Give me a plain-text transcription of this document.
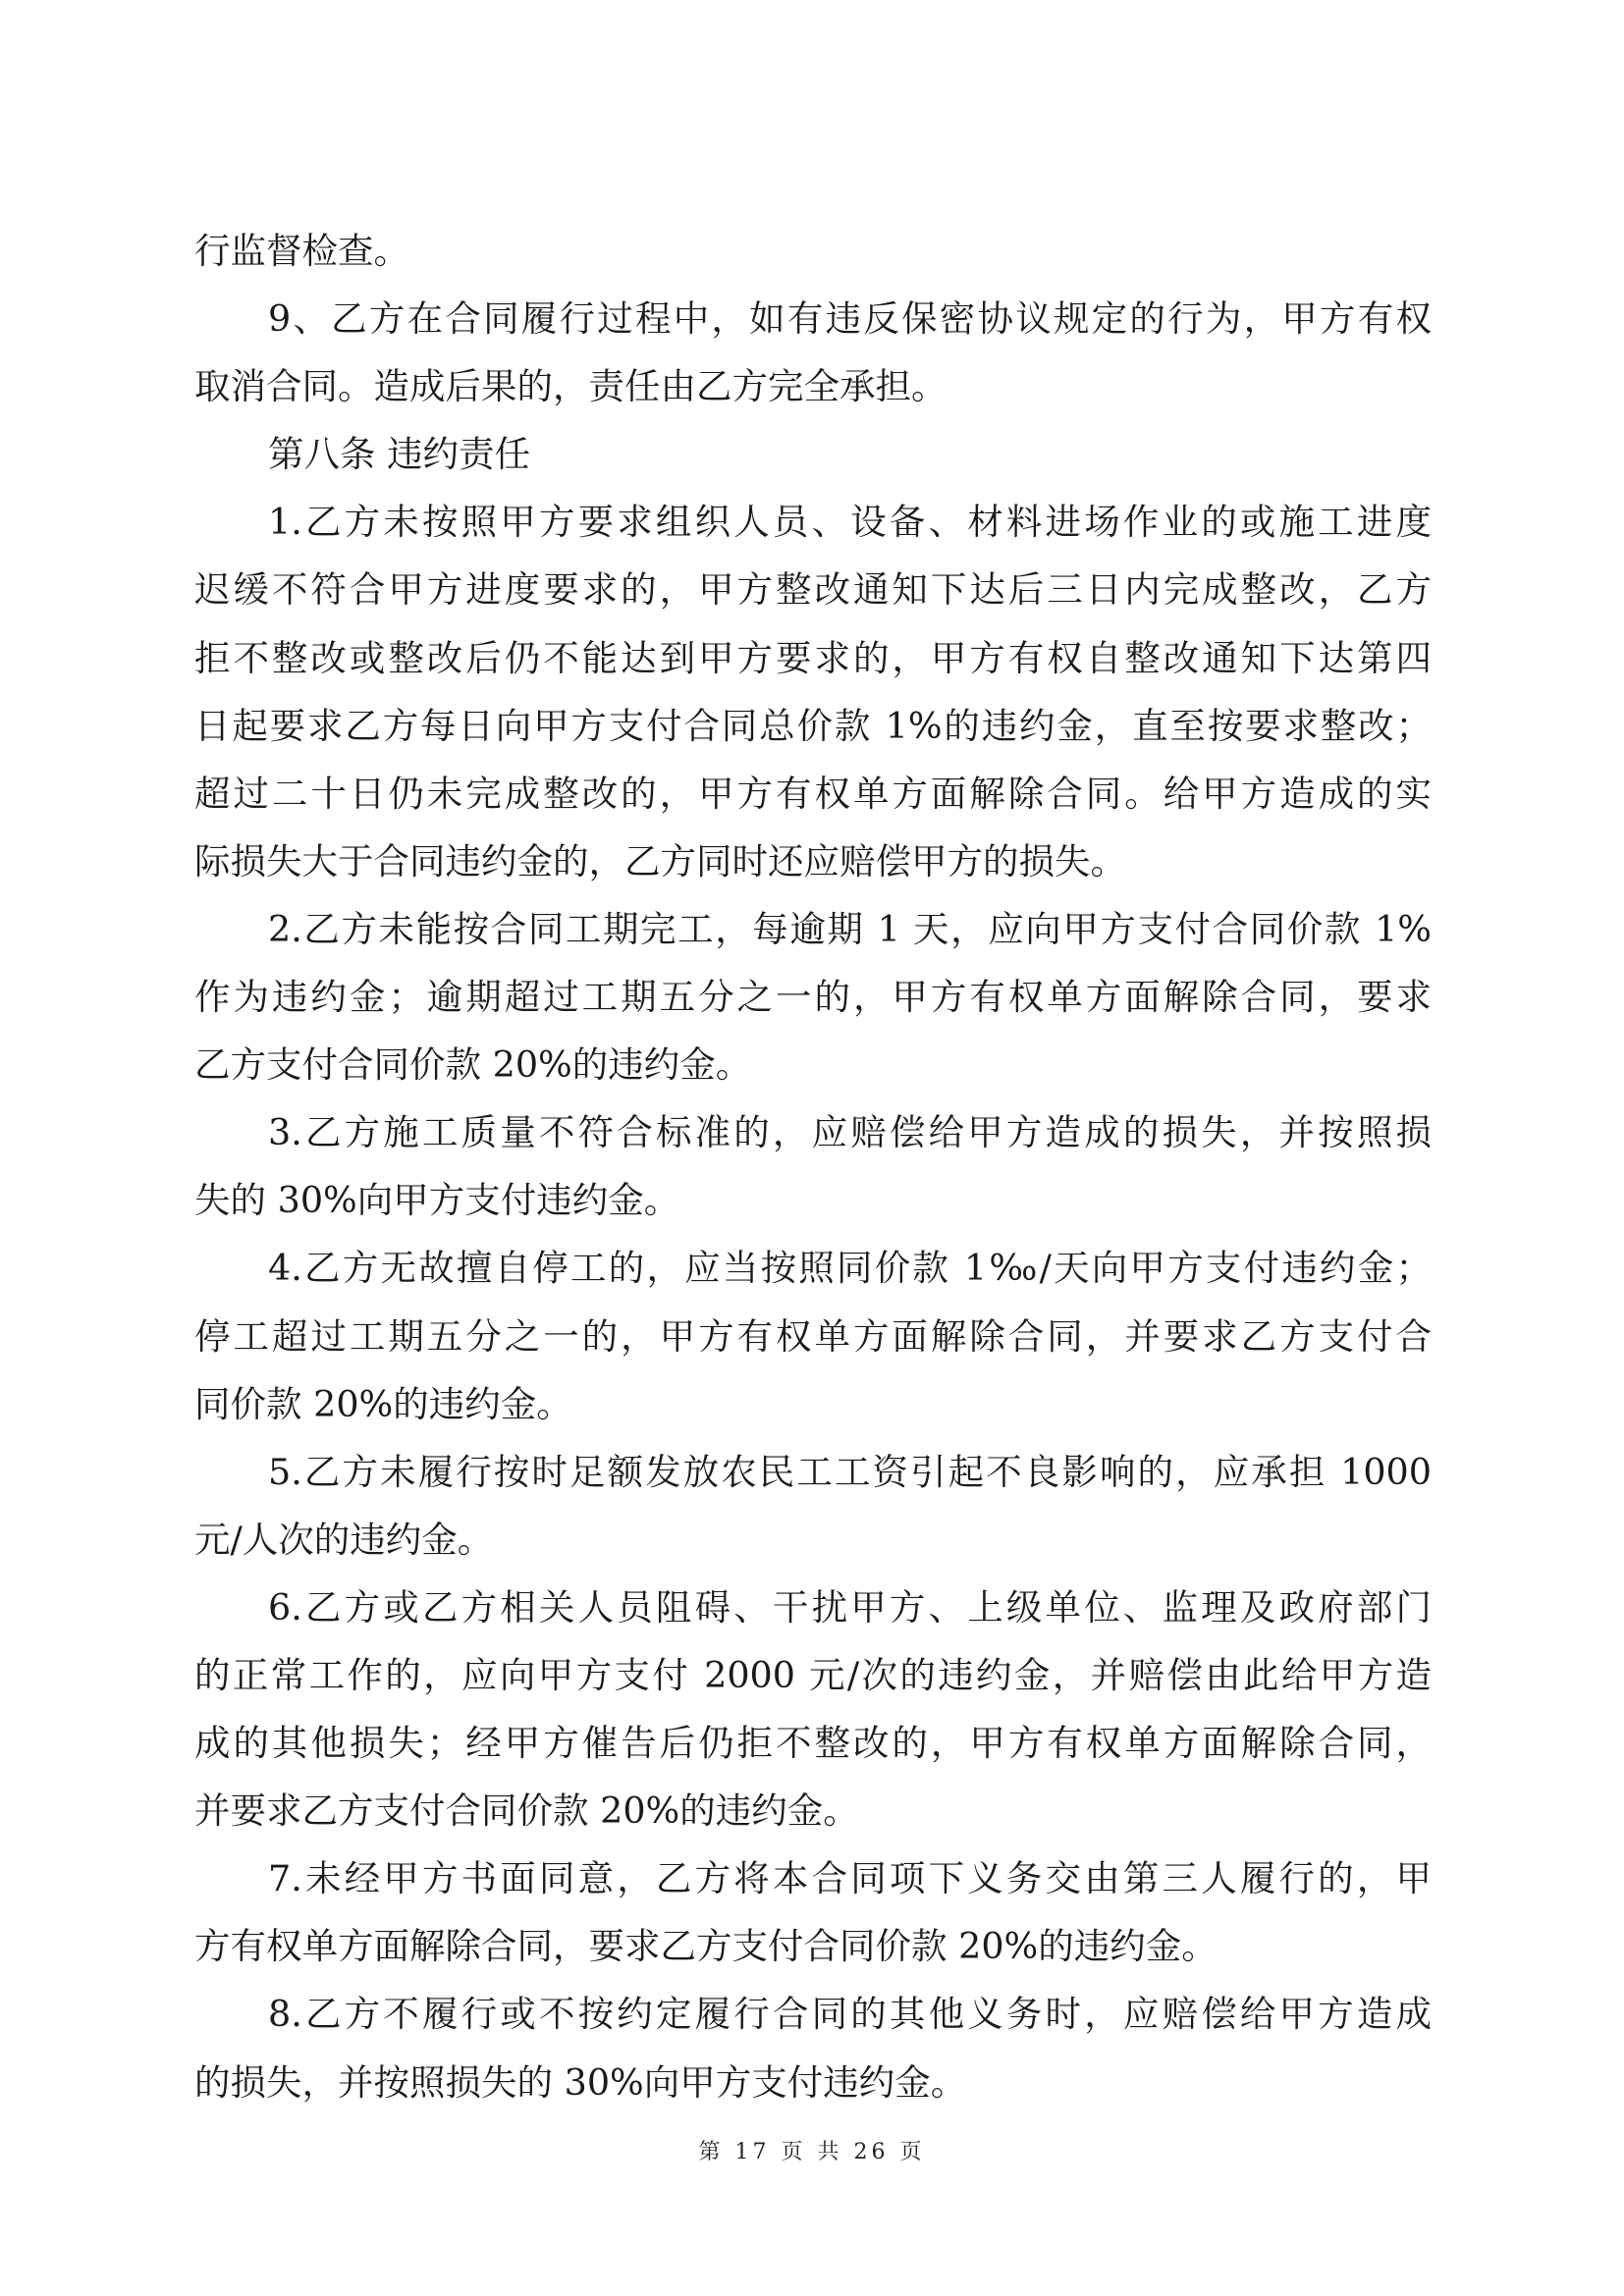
行监督检查。
9、乙方在合同履行过程中，如有违反保密协议规定的行为，甲方有权
取消合同。造成后果的，责任由乙方完全承担。
第八条 违约责任
1.乙方未按照甲方要求组织人员、设备、材料进场作业的或施工进度
迟缓不符合甲方进度要求的，甲方整改通知下达后三日内完成整改，乙方
拒不整改或整改后仍不能达到甲方要求的，甲方有权自整改通知下达第四
日起要求乙方每日向甲方支付合同总价款 1%的违约金，直至按要求整改；
超过二十日仍未完成整改的，甲方有权单方面解除合同。给甲方造成的实
际损失大于合同违约金的，乙方同时还应赔偿甲方的损失。
2.乙方未能按合同工期完工，每逾期 1 天，应向甲方支付合同价款 1%
作为违约金；逾期超过工期五分之一的，甲方有权单方面解除合同，要求
乙方支付合同价款 20%的违约金。
3.乙方施工质量不符合标准的，应赔偿给甲方造成的损失，并按照损
失的 30%向甲方支付违约金。
4.乙方无故擅自停工的，应当按照同价款 1‰/天向甲方支付违约金；
停工超过工期五分之一的，甲方有权单方面解除合同，并要求乙方支付合
同价款 20%的违约金。
5.乙方未履行按时足额发放农民工工资引起不良影响的，应承担 1000
元/人次的违约金。
6.乙方或乙方相关人员阻碍、干扰甲方、上级单位、监理及政府部门
的正常工作的，应向甲方支付 2000 元/次的违约金，并赔偿由此给甲方造
成的其他损失；经甲方催告后仍拒不整改的，甲方有权单方面解除合同，
并要求乙方支付合同价款 20%的违约金。
7.未经甲方书面同意，乙方将本合同项下义务交由第三人履行的，甲
方有权单方面解除合同，要求乙方支付合同价款 20%的违约金。
8.乙方不履行或不按约定履行合同的其他义务时，应赔偿给甲方造成
的损失，并按照损失的 30%向甲方支付违约金。
第 17 页 共 26 页
